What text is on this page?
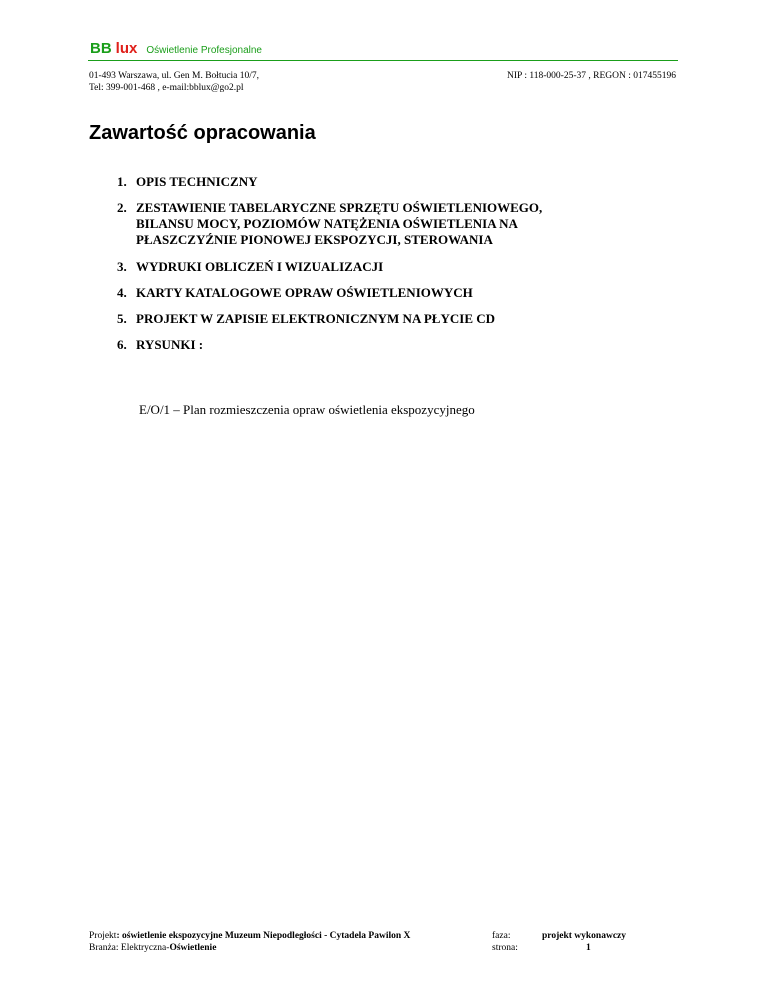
BB lux Oświetlenie Profesjonalne
01-493 Warszawa, ul. Gen M. Bołtucia 10/7,
Tel: 399-001-468 , e-mail:bblux@go2.pl
NIP : 118-000-25-37 , REGON : 017455196
Zawartość opracowania
1. OPIS TECHNICZNY
2. ZESTAWIENIE TABELARYCZNE SPRZĘTU OŚWIETLENIOWEGO,
BILANSU MOCY, POZIOMÓW NATĘŻENIA OŚWIETLENIA NA
PŁASZCZYŹNIE PIONOWEJ EKSPOZYCJI, STEROWANIA
3. WYDRUKI OBLICZEŃ I WIZUALIZACJI
4. KARTY KATALOGOWE OPRAW OŚWIETLENIOWYCH
5. PROJEKT W ZAPISIE ELEKTRONICZNYM NA PŁYCIE CD
6. RYSUNKI :
E/O/1 – Plan rozmieszczenia opraw oświetlenia ekspozycyjnego
Projekt: oświetlenie ekspozycyjne Muzeum Niepodległości - Cytadela Pawilon X
Branża: Elektryczna-Oświetlenie
faza:	projekt wykonawczy
strona:	1
